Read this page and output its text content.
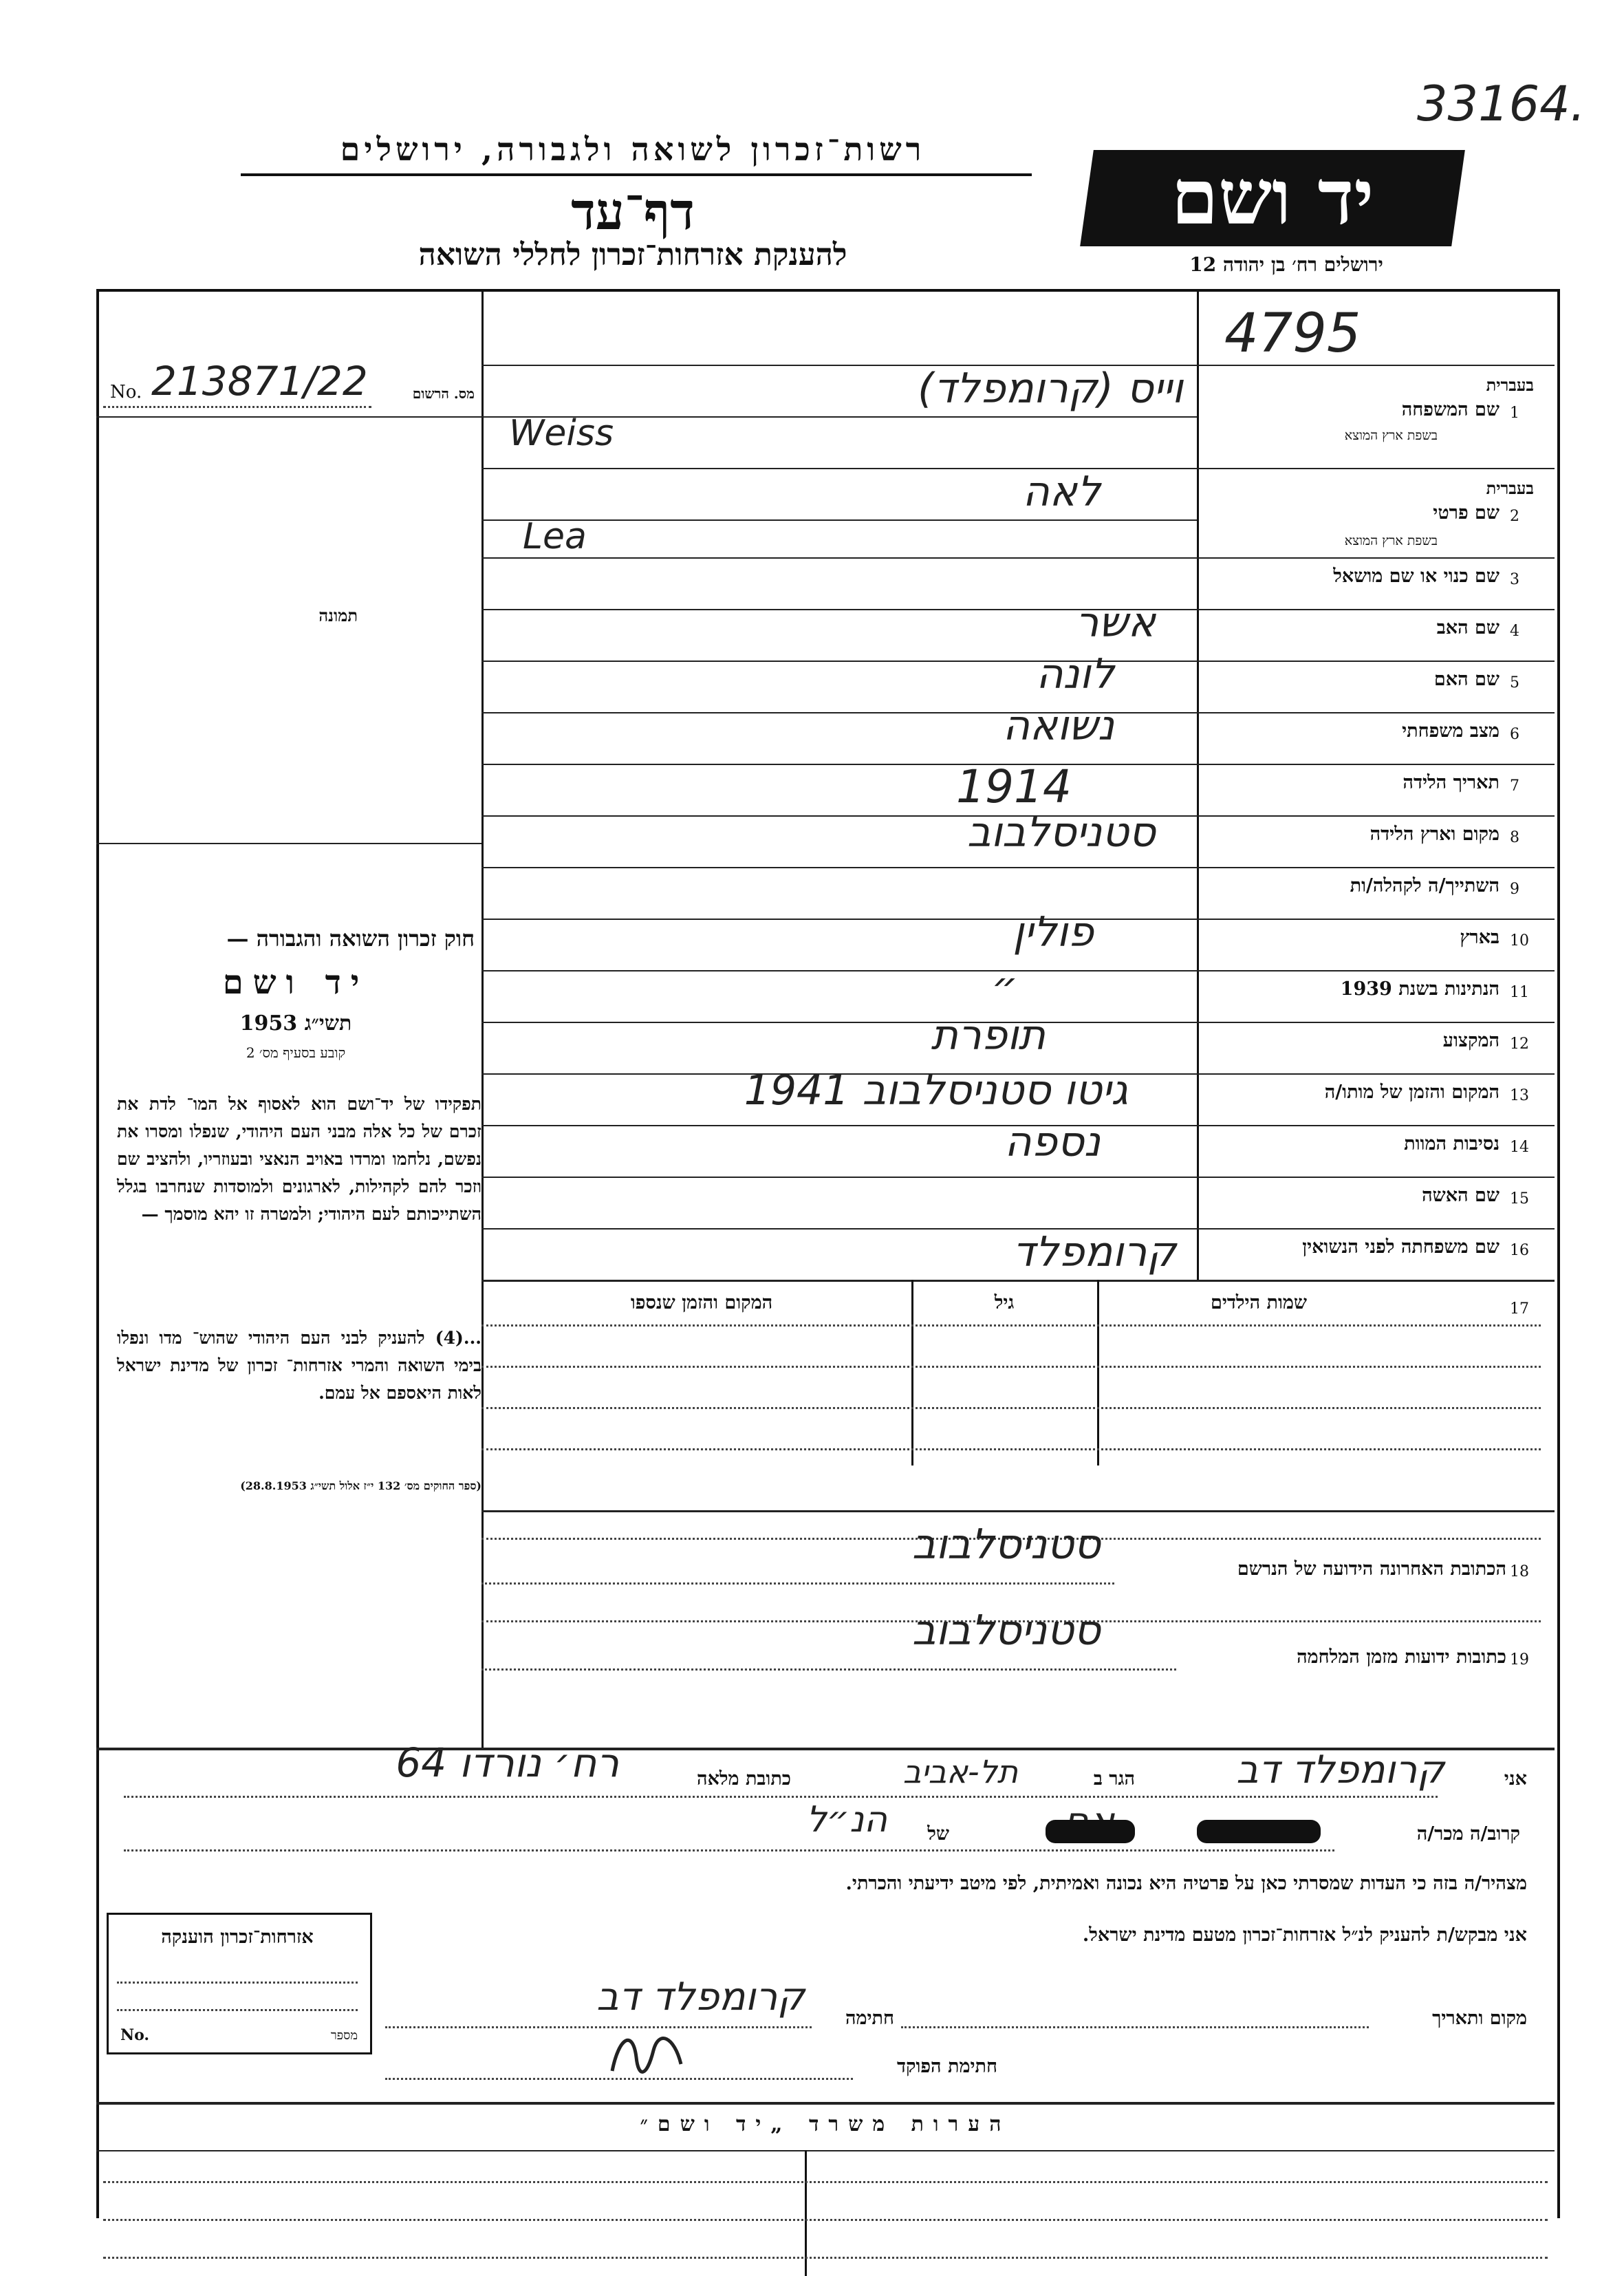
33164.
רשות־זכרון לשואה ולגבורה, ירושלים
דף־עד
להענקת אזרחות־זכרון לחללי השואה
יד ושם
ירושלים רח׳ בן יהודה 12
4795
No. 213871/22	מס. הרשום
תמונה
חוק זכרון השואה והגבורה —
יד ושם
תשי״ג 1953
קובע בסעיף מס׳ 2
תפקידו של יד־ושם הוא לאסוף אל המו־ לדת את זכרם של כל אלה מבני העם היהודי, שנפלו ומסרו את נפשם, נלחמו ומרדו באויב הנאצי ובעוזריו, ולהציב שם וזכר להם לקהילות, לארגונים ולמוסדות שנחרבו בגלל השתייכותם לעם היהודי; ולמטרה זו יהא מוסמך —
...(4) להעניק לבני העם היהודי שהוש־ מדו ונפלו בימי השואה והמרי אזרחות־ זכרון של מדינת ישראל לאות היאספם אל עמם.
(ספר החוקים מס׳ 132 י״ז אלול תשי״ג 28.8.1953)
בעברית
שם המשפחה 1
בשפת ארץ המוצא
וייס (קרומפלד)
Weiss
בעברית
שם פרטי 2
בשפת ארץ המוצא
לאה
Lea
שם כנוי או שם מושאל 3
שם האב 4
אשר
שם האם 5
לונה
מצב משפחתי 6
נשואה
תאריך הלידה 7
1914
מקום וארץ הלידה 8
סטניסלבוב
השתייך/ה לקהלה/ות 9
בארץ 10
פולין
הנתינות בשנת 1939 11
״
המקצוע 12
תופרת
המקום והזמן של מותו/ה 13
גיטו סטניסלבוב 1941
נסיבות המוות 14
נספה
שם האשה 15
שם משפחתה לפני הנשואין 16
קרומפלד
שמות הילדים	17
גיל
המקום והזמן שנספו
סטניסלבוב
הכתובת האחרונה הידועה של הנרשם 18
סטניסלבוב
כתובות ידועות מזמן המלחמה 19
אני
קרומפלד דב
הגר ב
תל-אביב
כתובת מלאה
רח׳ נורדו 64
קרוב/ה מכר/ה
של
הנ״ל
מצהיר/ה בזה כי העדות שמסרתי כאן על פרטיה היא נכונה ואמיתית, לפי מיטב ידיעתי והכרתי.
אני מבקש/ת להעניק לנ״ל אזרחות־זכרון מטעם מדינת ישראל.
מקום ותאריך
חתימה
קרומפלד דב
חתימת הפוקד
אזרחות־זכרון הוענקה
No.	מספר
הערות משרד „יד ושם״
